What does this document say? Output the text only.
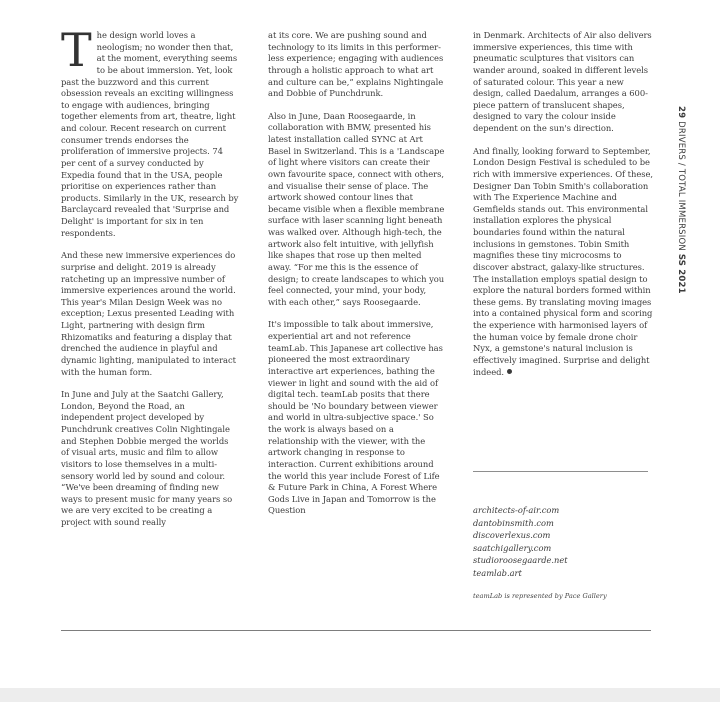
The design world loves a neologism; no wonder then that, at the moment, everything seems to be about immersion. Yet, look past the buzzword and this current obsession reveals an exciting willingness to engage with audiences, bringing together elements from art, theatre, light and colour. Recent research on current consumer trends endorses the proliferation of immersive projects. 74 per cent of a survey conducted by Expedia found that in the USA, people prioritise on experiences rather than products. Similarly in the UK, research by Barclaycard revealed that 'Surprise and Delight' is important for six in ten respondents.

And these new immersive experiences do surprise and delight. 2019 is already ratcheting up an impressive number of immersive experiences around the world. This year's Milan Design Week was no exception; Lexus presented Leading with Light, partnering with design firm Rhizomatiks and featuring a display that drenched the audience in playful and dynamic lighting, manipulated to interact with the human form.

In June and July at the Saatchi Gallery, London, Beyond the Road, an independent project developed by Punchdrunk creatives Colin Nightingale and Stephen Dobbie merged the worlds of visual arts, music and film to allow visitors to lose themselves in a multi-sensory world led by sound and colour. “We've been dreaming of finding new ways to present music for many years so we are very excited to be creating a project with sound really

at its core. We are pushing sound and technology to its limits in this performer-less experience; engaging with audiences through a holistic approach to what art and culture can be,” explains Nightingale and Dobbie of Punchdrunk.

Also in June, Daan Roosegaarde, in collaboration with BMW, presented his latest installation called SYNC at Art Basel in Switzerland. This is a 'Landscape of light where visitors can create their own favourite space, connect with others, and visualise their sense of place. The artwork showed contour lines that became visible when a flexible membrane surface with laser scanning light beneath was walked over. Although high-tech, the artwork also felt intuitive, with jellyfish like shapes that rose up then melted away. “For me this is the essence of design; to create landscapes to which you feel connected, your mind, your body, with each other,” says Roosegaarde.

It's impossible to talk about immersive, experiential art and not reference teamLab. This Japanese art collective has pioneered the most extraordinary interactive art experiences, bathing the viewer in light and sound with the aid of digital tech. teamLab posits that there should be 'No boundary between viewer and world in ultra-subjective space.' So the work is always based on a relationship with the viewer, with the artwork changing in response to interaction. Current exhibitions around the world this year include Forest of Life & Future Park in China, A Forest Where Gods Live in Japan and Tomorrow is the Question

in Denmark. Architects of Air also delivers immersive experiences, this time with pneumatic sculptures that visitors can wander around, soaked in different levels of saturated colour. This year a new design, called Daedalum, arranges a 600-piece pattern of translucent shapes, designed to vary the colour inside dependent on the sun's direction.

And finally, looking forward to September, London Design Festival is scheduled to be rich with immersive experiences. Of these, Designer Dan Tobin Smith's collaboration with The Experience Machine and Gemfields stands out. This environmental installation explores the physical boundaries found within the natural inclusions in gemstones. Tobin Smith magnifies these tiny microcosms to discover abstract, galaxy-like structures. The installation employs spatial design to explore the natural borders formed within these gems. By translating moving images into a contained physical form and scoring the experience with harmonised layers of the human voice by female drone choir Nyx, a gemstone's natural inclusion is effectively imagined. Surprise and delight indeed.

architects-of-air.com
dantobinsmith.com
discoverlexus.com
saatchigallery.com
studioroosegaarde.net
teamlab.art
teamLab is represented by Pace Gallery
29 DRIVERS / TOTAL IMMERSION SS 2021
